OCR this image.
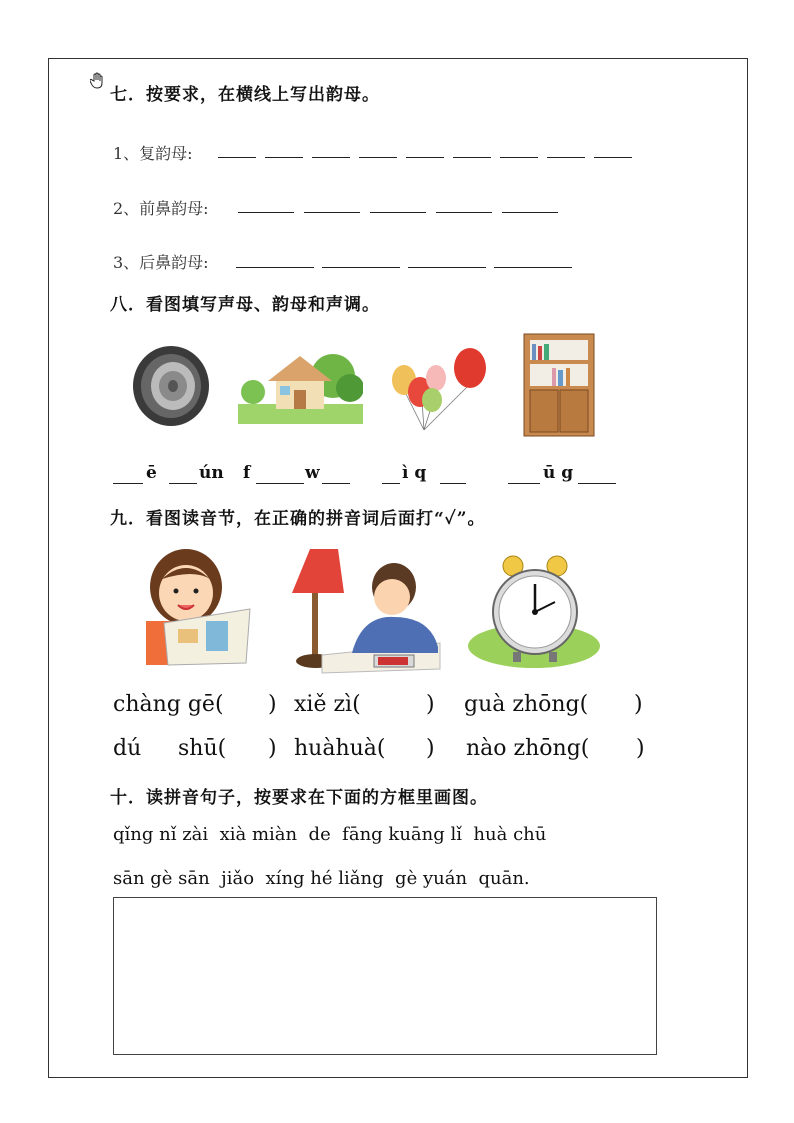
七．按要求，在横线上写出韵母。
1、复韵母:
2、前鼻韵母:
3、后鼻韵母:
八．看图填写声母、韵母和声调。
ē ún f	w	ì q	ū g
九．看图读音节，在正确的拼音词后面打“✓”。
chàng gē( ) xiě zì(	) guà zhōng( )
dú shū( ) huàhuà( ) nào zhōng( )
十．读拼音句子，按要求在下面的方框里画图。
qǐng nǐ zài  xià miàn  de  fāng kuāng lǐ  huà chū
sān gè sān  jiǎo  xíng hé liǎng  gè yuán  quān.
